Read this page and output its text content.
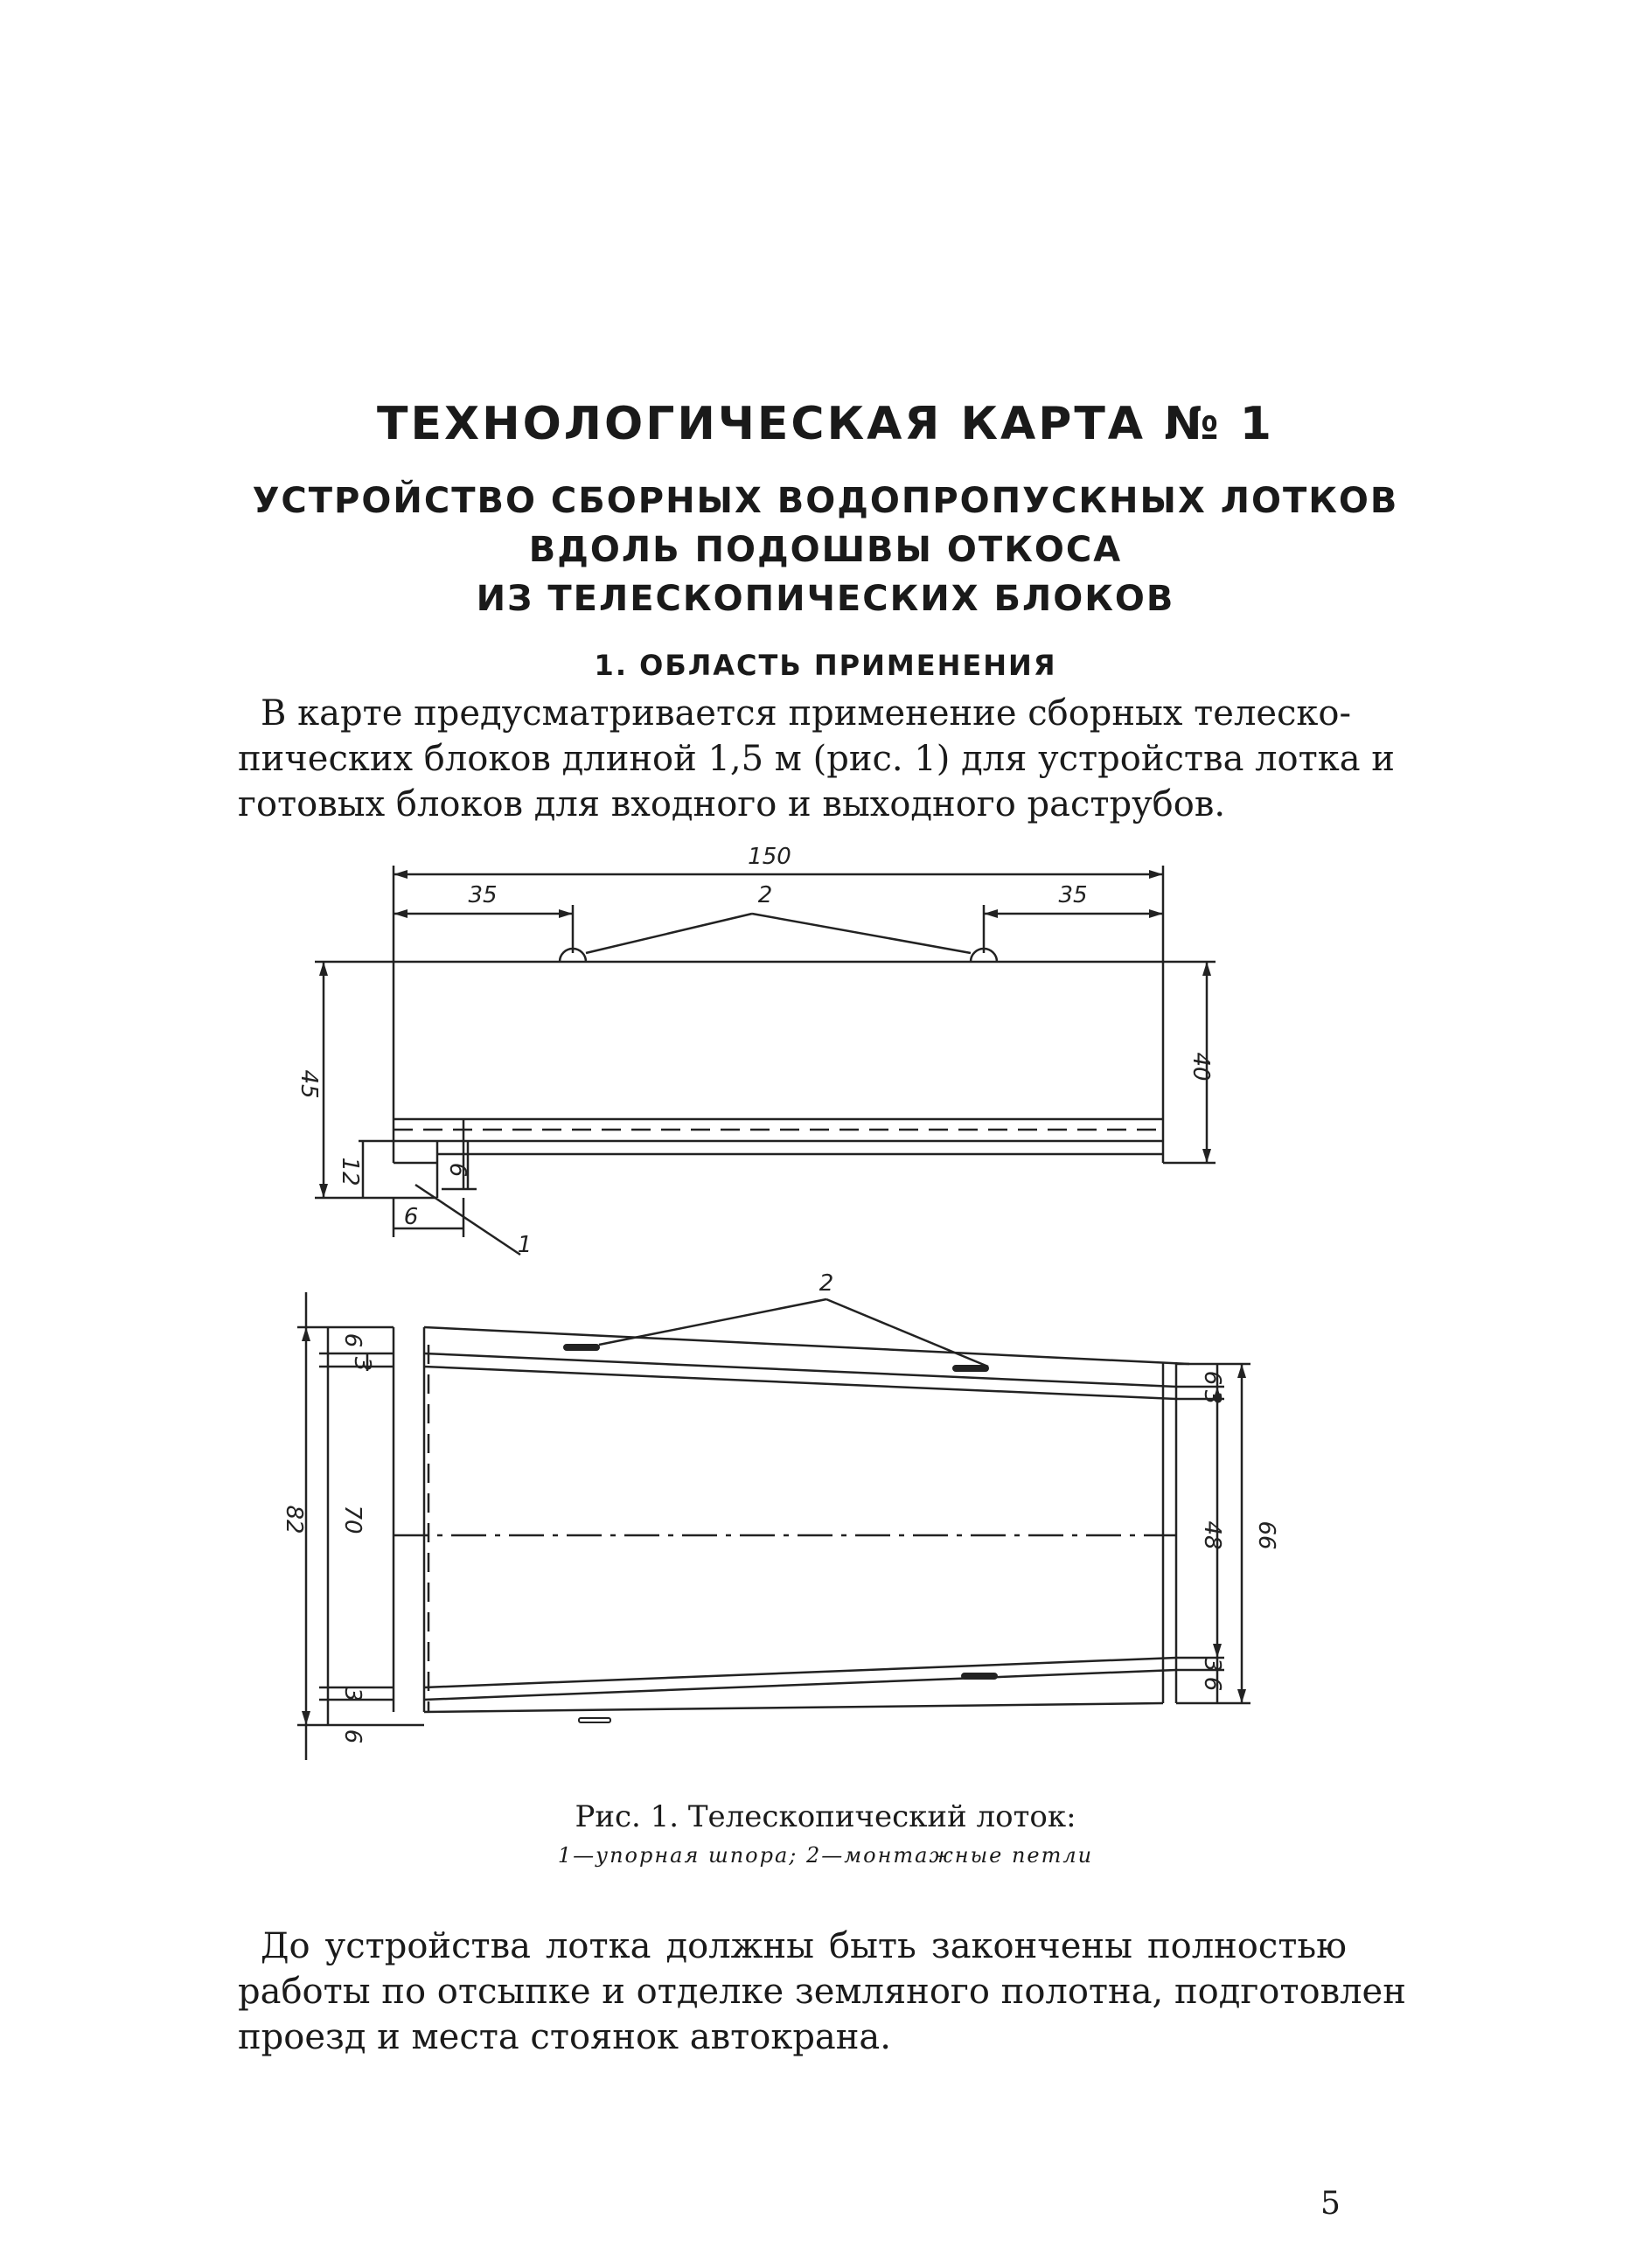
ТЕХНОЛОГИЧЕСКАЯ КАРТА № 1
УСТРОЙСТВО СБОРНЫХ ВОДОПРОПУСКНЫХ ЛОТКОВ
ВДОЛЬ ПОДОШВЫ ОТКОСА
ИЗ ТЕЛЕСКОПИЧЕСКИХ БЛОКОВ
1. ОБЛАСТЬ ПРИМЕНЕНИЯ
В карте предусматривается применение сборных телеско-
пических блоков длиной 1,5 м (рис. 1) для устройства лотка и
готовых блоков для входного и выходного раструбов.
150
35	35
2
45
40
12	6
6
1
2
82 70
6
3
6
3
66
48
6
3
6
3
Рис. 1. Телескопический лоток:
1—упорная шпора; 2—монтажные петли
До устройства лотка должны быть закончены полностью
работы по отсыпке и отделке земляного полотна, подготовлен
проезд и места стоянок автокрана.
5
